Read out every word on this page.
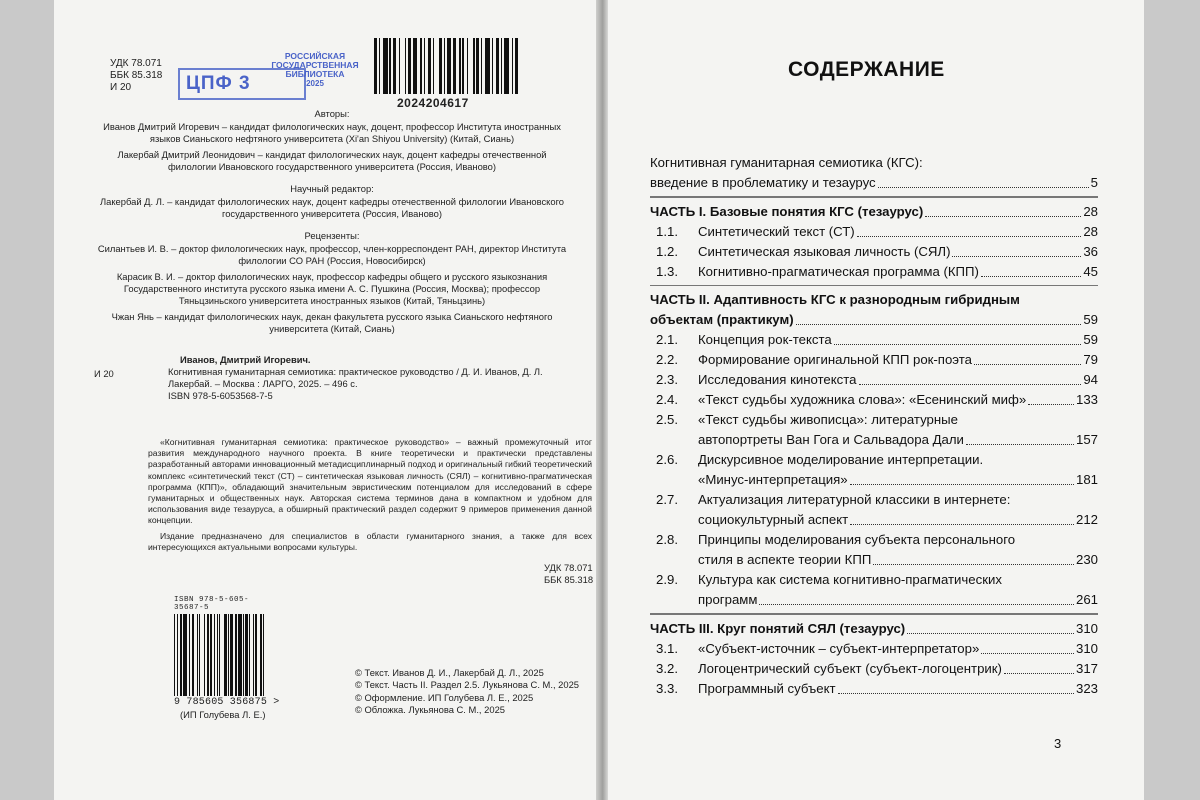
УДК 78.071
ББК 85.318
И 20	ЦПФ 3
РОССИЙСКАЯ
ГОСУДАРСТВЕННАЯ
БИБЛИОТЕКА
2025
2024204617
Авторы:

Иванов Дмитрий Игоревич – кандидат филологических наук, доцент, профессор Института иностранных языков Сианьского нефтяного университета (Xi'an Shiyou University) (Китай, Сиань)

Лакербай Дмитрий Леонидович – кандидат филологических наук, доцент кафедры отечественной филологии Ивановского государственного университета (Россия, Иваново)

Научный редактор:

Лакербай Д. Л. – кандидат филологических наук, доцент кафедры отечественной филологии Ивановского государственного университета (Россия, Иваново)

Рецензенты:

Силантьев И. В. – доктор филологических наук, профессор, член-корреспондент РАН, директор Института филологии СО РАН (Россия, Новосибирск)

Карасик В. И. – доктор филологических наук, профессор кафедры общего и русского языкознания Государственного института русского языка имени А. С. Пушкина (Россия, Москва); профессор Тяньцзиньского университета иностранных языков (Китай, Тяньцзинь)

Чжан Янь – кандидат филологических наук, декан факультета русского языка Сианьского нефтяного университета (Китай, Сиань)

И 20
Иванов, Дмитрий Игоревич.
Когнитивная гуманитарная семиотика: практическое руководство / Д. И. Иванов, Д. Л. Лакербай. – Москва : ЛАРГО, 2025. – 496 с.
ISBN 978-5-6053568-7-5
«Когнитивная гуманитарная семиотика: практическое руководство» – важный промежуточный итог развития международного научного проекта. В книге теоретически и практически представлены разработанный авторами инновационный метадисциплинарный подход и оригинальный гибкий теоретический комплекс «синтетический текст (СТ) – синтетическая языковая личность (СЯЛ) – когнитивно-прагматическая программа (КПП)», обладающий значительным эвристическим потенциалом для исследований в сфере гуманитарных и общественных наук. Авторская система терминов дана в компактном и удобном для использования виде тезауруса, а обширный практический раздел содержит 9 примеров применения данной концепции.
Издание предназначено для специалистов в области гуманитарного знания, а также для всех интересующихся актуальными вопросами культуры.
УДК 78.071
ББК 85.318
ISBN 978-5-605-35687-5
9 785605 356875 >
(ИП Голубева Л. Е.)
© Текст. Иванов Д. И., Лакербай Д. Л., 2025
© Текст. Часть II. Раздел 2.5. Лукьянова С. М., 2025
© Оформление. ИП Голубева Л. Е., 2025
© Обложка. Лукьянова С. М., 2025
СОДЕРЖАНИЕ
Когнитивная гуманитарная семиотика (КГС):
введение в проблематику и тезаурус	5
ЧАСТЬ I. Базовые понятия КГС (тезаурус)	28
1.1.	Синтетический текст (СТ)	28
1.2.	Синтетическая языковая личность (СЯЛ)	36
1.3.	Когнитивно-прагматическая программа (КПП)	45
ЧАСТЬ II. Адаптивность КГС к разнородным гибридным
объектам (практикум)	59
2.1.	Концепция рок-текста	59
2.2.	Формирование оригинальной КПП рок-поэта	79
2.3.	Исследования кинотекста	94
2.4.	«Текст судьбы художника слова»: «Есенинский миф»	133
2.5.	«Текст судьбы живописца»: литературные
автопортреты Ван Гога и Сальвадора Дали	157
2.6.	Дискурсивное моделирование интерпретации.
«Минус-интерпретация»	181
2.7.	Актуализация литературной классики в интернете:
социокультурный аспект	212
2.8.	Принципы моделирования субъекта персонального
стиля в аспекте теории КПП	230
2.9.	Культура как система когнитивно-прагматических
программ	261
ЧАСТЬ III. Круг понятий СЯЛ (тезаурус)	310
3.1.	«Субъект-источник – субъект-интерпретатор»	310
3.2.	Логоцентрический субъект (субъект-логоцентрик)	317
3.3.	Программный субъект	323
3
